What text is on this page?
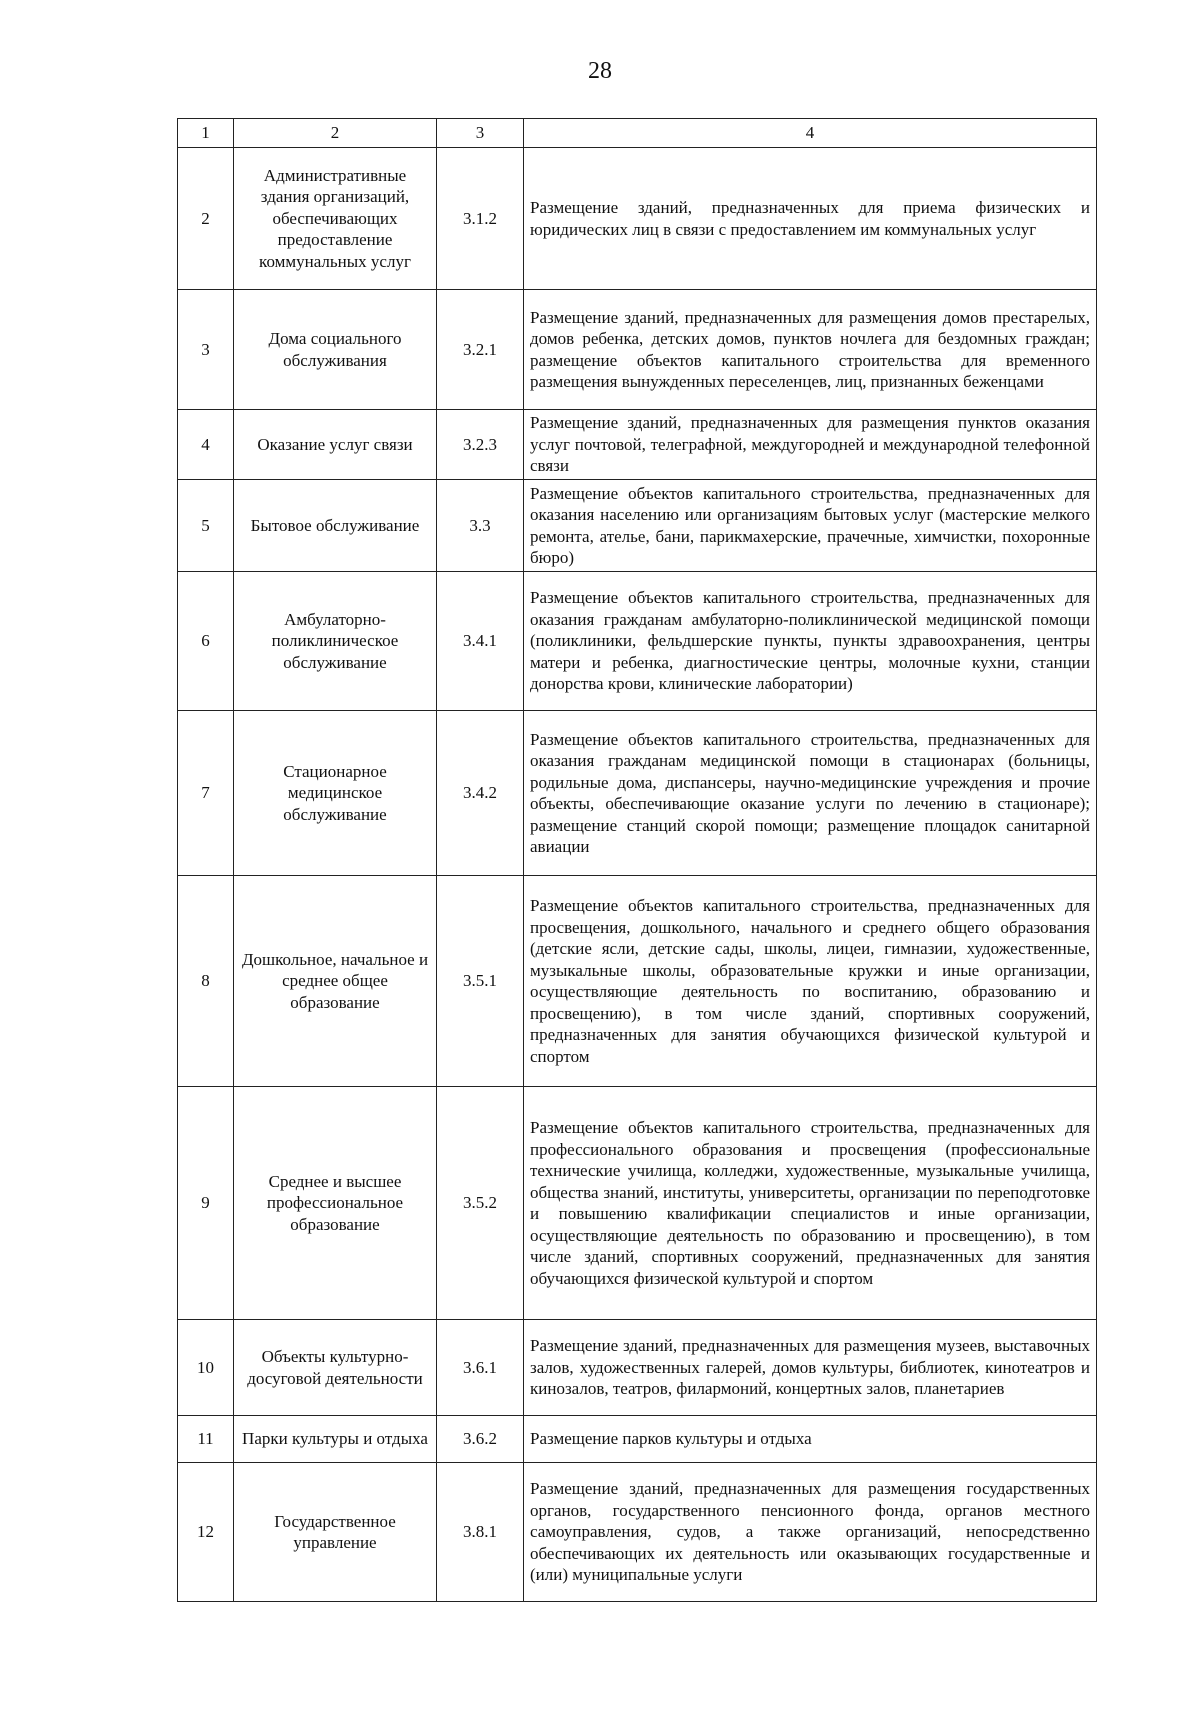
28
1	2	3	4
2	Административные здания организаций, обеспечивающих предоставление коммунальных услуг	3.1.2	Размещение зданий, предназначенных для приема физических и юридических лиц в связи с предоставлением им коммунальных услуг
3	Дома социального обслуживания	3.2.1	Размещение зданий, предназначенных для размещения домов престарелых, домов ребенка, детских домов, пунктов ночлега для бездомных граждан; размещение объектов капитального строительства для временного размещения вынужденных переселенцев, лиц, признанных беженцами
4	Оказание услуг связи	3.2.3	Размещение зданий, предназначенных для размещения пунктов оказания услуг почтовой, телеграфной, междугородней и международной телефонной связи
5	Бытовое обслуживание	3.3	Размещение объектов капитального строительства, предназначенных для оказания населению или организациям бытовых услуг (мастерские мелкого ремонта, ателье, бани, парикмахерские, прачечные, химчистки, похоронные бюро)
6	Амбулаторно-поликлиническое обслуживание	3.4.1	Размещение объектов капитального строительства, предназначенных для оказания гражданам амбулаторно-поликлинической медицинской помощи (поликлиники, фельдшерские пункты, пункты здравоохранения, центры матери и ребенка, диагностические центры, молочные кухни, станции донорства крови, клинические лаборатории)
7	Стационарное медицинское обслуживание	3.4.2	Размещение объектов капитального строительства, предназначенных для оказания гражданам медицинской помощи в стационарах (больницы, родильные дома, диспансеры, научно-медицинские учреждения и прочие объекты, обеспечивающие оказание услуги по лечению в стационаре); размещение станций скорой помощи; размещение площадок санитарной авиации
8	Дошкольное, начальное и среднее общее образование	3.5.1	Размещение объектов капитального строительства, предназначенных для просвещения, дошкольного, начального и среднего общего образования (детские ясли, детские сады, школы, лицеи, гимназии, художественные, музыкальные школы, образовательные кружки и иные организации, осуществляющие деятельность по воспитанию, образованию и просвещению), в том числе зданий, спортивных сооружений, предназначенных для занятия обучающихся физической культурой и спортом
9	Среднее и высшее профессиональное образование	3.5.2	Размещение объектов капитального строительства, предназначенных для профессионального образования и просвещения (профессиональные технические училища, колледжи, художественные, музыкальные училища, общества знаний, институты, университеты, организации по переподготовке и повышению квалификации специалистов и иные организации, осуществляющие деятельность по образованию и просвещению), в том числе зданий, спортивных сооружений, предназначенных для занятия обучающихся физической культурой и спортом
10	Объекты культурно-досуговой деятельности	3.6.1	Размещение зданий, предназначенных для размещения музеев, выставочных залов, художественных галерей, домов культуры, библиотек, кинотеатров и кинозалов, театров, филармоний, концертных залов, планетариев
11	Парки культуры и отдыха	3.6.2	Размещение парков культуры и отдыха
12	Государственное управление	3.8.1	Размещение зданий, предназначенных для размещения государственных органов, государственного пенсионного фонда, органов местного самоуправления, судов, а также организаций, непосредственно обеспечивающих их деятельность или оказывающих государственные и (или) муниципальные услуги
